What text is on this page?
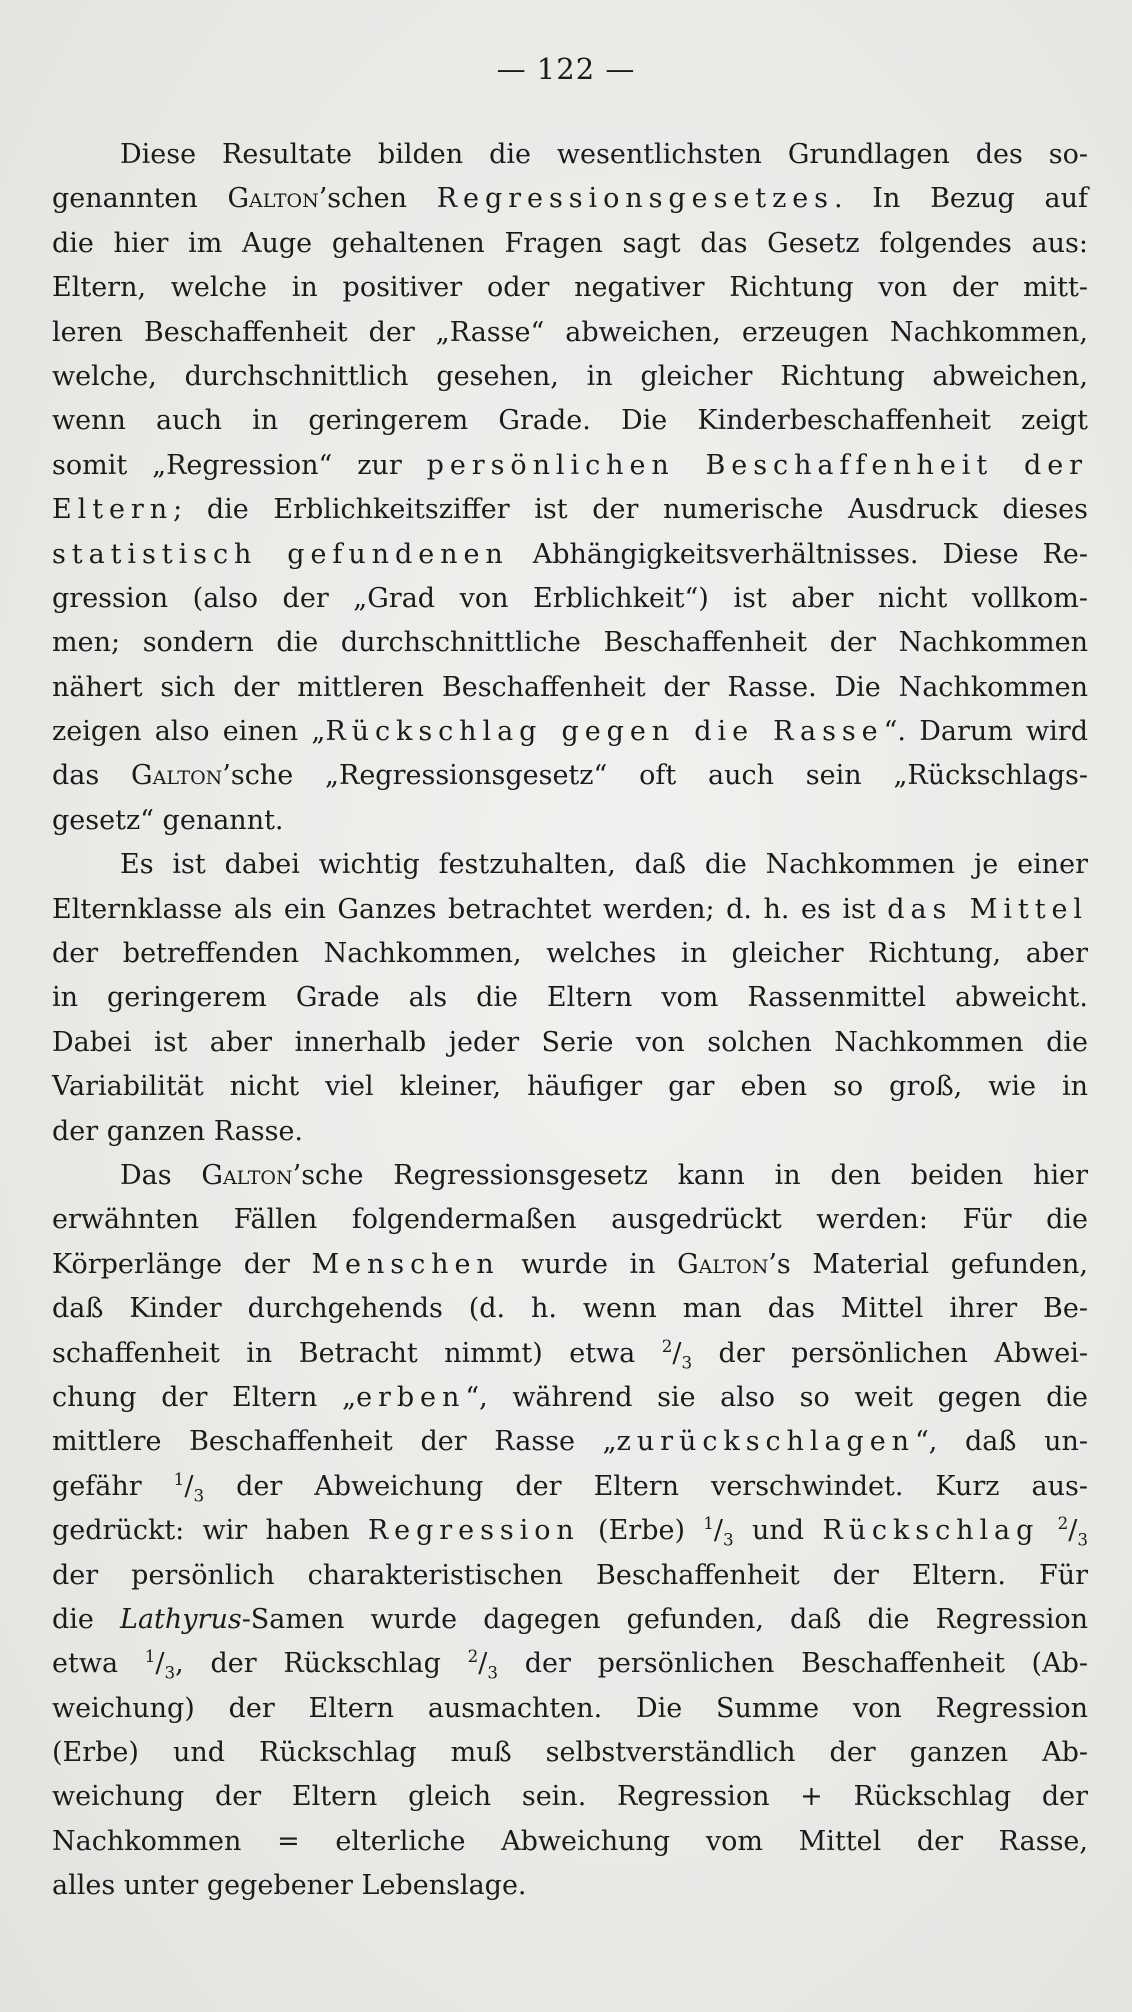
— 122 —
Diese Resultate bilden die wesentlichsten Grundlagen des so-
genannten Galton’schen Regressionsgesetzes. In Bezug auf
die hier im Auge gehaltenen Fragen sagt das Gesetz folgendes aus:
Eltern, welche in positiver oder negativer Richtung von der mitt-
leren Beschaffenheit der „Rasse“ abweichen, erzeugen Nachkommen,
welche, durchschnittlich gesehen, in gleicher Richtung abweichen,
wenn auch in geringerem Grade. Die Kinderbeschaffenheit zeigt
somit „Regression“ zur persönlichen Beschaffenheit der
Eltern; die Erblichkeitsziffer ist der numerische Ausdruck dieses
statistisch gefundenen Abhängigkeitsverhältnisses. Diese Re-
gression (also der „Grad von Erblichkeit“) ist aber nicht vollkom-
men; sondern die durchschnittliche Beschaffenheit der Nachkommen
nähert sich der mittleren Beschaffenheit der Rasse. Die Nachkommen
zeigen also einen „Rückschlag gegen die Rasse“. Darum wird
das Galton’sche „Regressionsgesetz“ oft auch sein „Rückschlags-
gesetz“ genannt.
Es ist dabei wichtig festzuhalten, daß die Nachkommen je einer
Elternklasse als ein Ganzes betrachtet werden; d. h. es ist das Mittel
der betreffenden Nachkommen, welches in gleicher Richtung, aber
in geringerem Grade als die Eltern vom Rassenmittel abweicht.
Dabei ist aber innerhalb jeder Serie von solchen Nachkommen die
Variabilität nicht viel kleiner, häufiger gar eben so groß, wie in
der ganzen Rasse.
Das Galton’sche Regressionsgesetz kann in den beiden hier
erwähnten Fällen folgendermaßen ausgedrückt werden: Für die
Körperlänge der Menschen wurde in Galton’s Material gefunden,
daß Kinder durchgehends (d. h. wenn man das Mittel ihrer Be-
schaffenheit in Betracht nimmt) etwa $^2/_3$ der persönlichen Abwei-
chung der Eltern „erben“, während sie also so weit gegen die
mittlere Beschaffenheit der Rasse „zurückschlagen“, daß un-
gefähr $^1/_3$ der Abweichung der Eltern verschwindet. Kurz aus-
gedrückt: wir haben Regression (Erbe) $^1/_3$ und Rückschlag $^2/_3$
der persönlich charakteristischen Beschaffenheit der Eltern. Für
die Lathyrus-Samen wurde dagegen gefunden, daß die Regression
etwa $^1/_3$, der Rückschlag $^2/_3$ der persönlichen Beschaffenheit (Ab-
weichung) der Eltern ausmachten. Die Summe von Regression
(Erbe) und Rückschlag muß selbstverständlich der ganzen Ab-
weichung der Eltern gleich sein. Regression + Rückschlag der
Nachkommen = elterliche Abweichung vom Mittel der Rasse,
alles unter gegebener Lebenslage.
